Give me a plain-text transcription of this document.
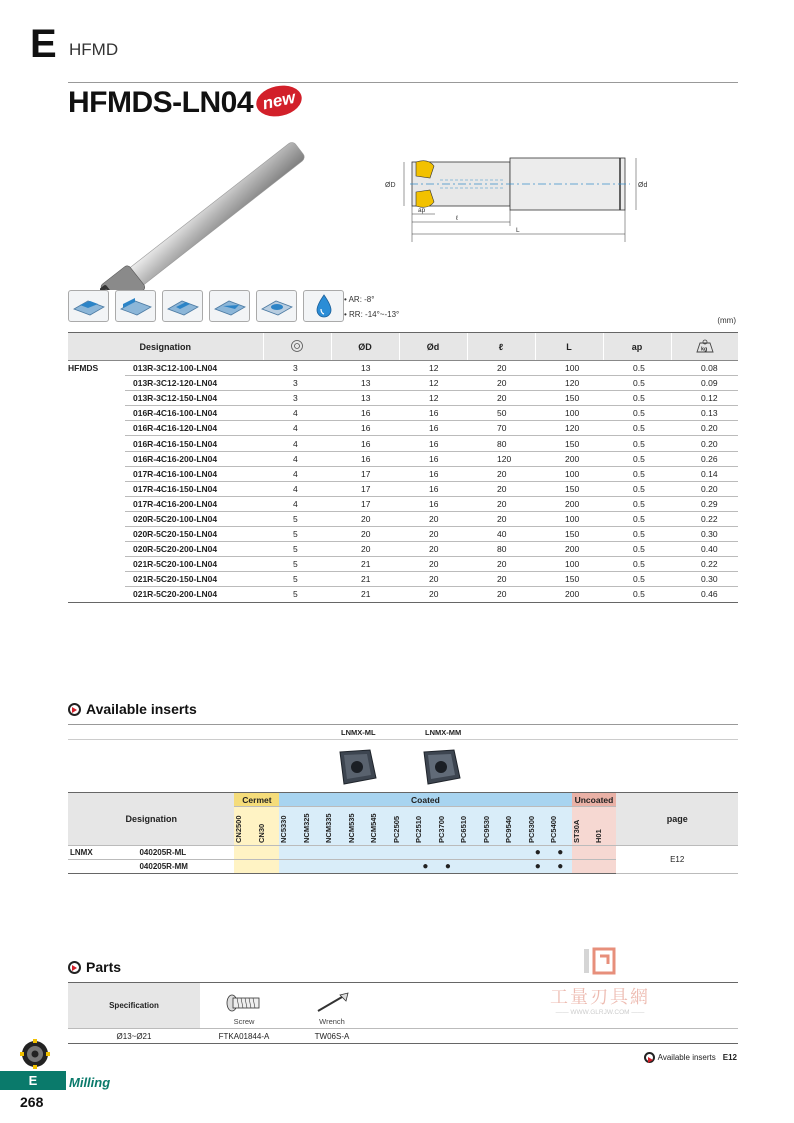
E HFMD
HFMDS-LN04 new
ØD	Ød
ap
ℓ
L
• AR: -8°
• RR: -14°~-13°
(mm)
Designation			ØD	Ød	ℓ	L	ap	kg

HFMDS	013R-3C12-100-LN04	3	13	12	20	100	0.5	0.08
	013R-3C12-120-LN04	3	13	12	20	120	0.5	0.09
	013R-3C12-150-LN04	3	13	12	20	150	0.5	0.12
	016R-4C16-100-LN04	4	16	16	50	100	0.5	0.13
	016R-4C16-120-LN04	4	16	16	70	120	0.5	0.20
	016R-4C16-150-LN04	4	16	16	80	150	0.5	0.20
	016R-4C16-200-LN04	4	16	16	120	200	0.5	0.26
	017R-4C16-100-LN04	4	17	16	20	100	0.5	0.14
	017R-4C16-150-LN04	4	17	16	20	150	0.5	0.20
	017R-4C16-200-LN04	4	17	16	20	200	0.5	0.29
	020R-5C20-100-LN04	5	20	20	20	100	0.5	0.22
	020R-5C20-150-LN04	5	20	20	40	150	0.5	0.30
	020R-5C20-200-LN04	5	20	20	80	200	0.5	0.40
	021R-5C20-100-LN04	5	21	20	20	100	0.5	0.22
	021R-5C20-150-LN04	5	21	20	20	150	0.5	0.30
	021R-5C20-200-LN04	5	21	20	20	200	0.5	0.46
Available inserts
LNMX-ML	LNMX-MM
Designation		Cermet		Coated													Uncoated		page

		CN2500	CN30	NC5330	NCM325	NCM335	NCM535	NCM545	PC2505	PC2510	PC3700	PC6510	PC9530	PC9540	PC5300	PC5400	ST30A	H01	

LNMX	040205R-ML														●	●			E12
	040205R-MM									●	●				●	●			
Parts
Specification	Screw	Wrench	

Ø13~Ø21	FTKA01844-A	TW06S-A	
工量刃具網
—— WWW.GLRJW.COM ——
Available inserts E12
E	Milling
268
